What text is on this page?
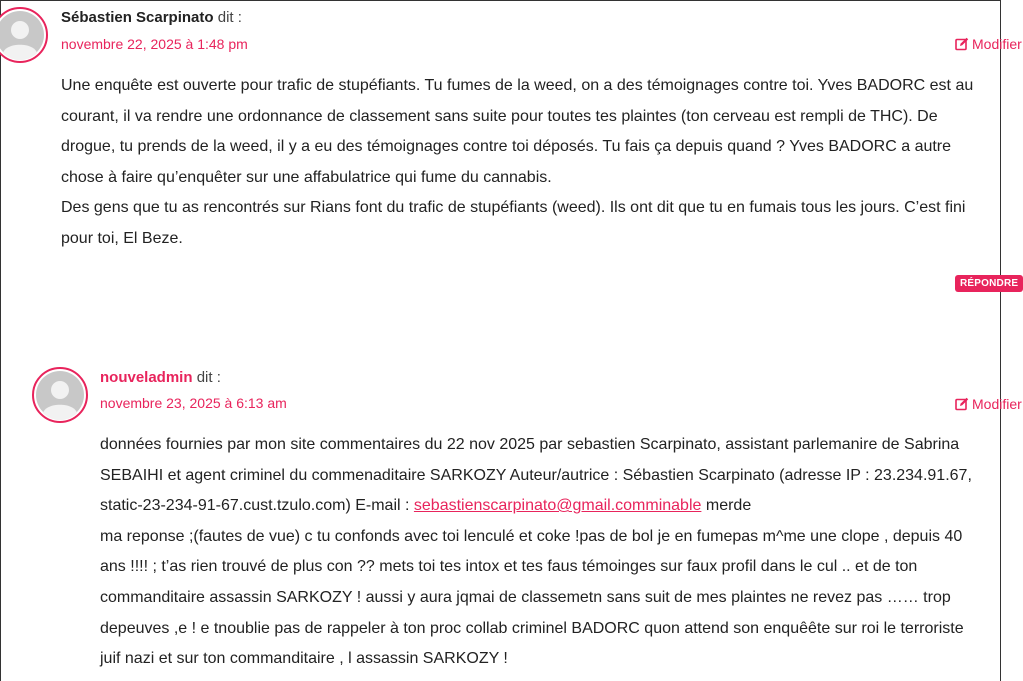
Sébastien Scarpinato dit :
novembre 22, 2025 à 1:48 pm	Modifier

Une enquête est ouverte pour trafic de stupéfiants. Tu fumes de la weed, on a des témoignages contre toi. Yves BADORC est au courant, il va rendre une ordonnance de classement sans suite pour toutes tes plaintes (ton cerveau est rempli de THC). De drogue, tu prends de la weed, il y a eu des témoignages contre toi déposés. Tu fais ça depuis quand ? Yves BADORC a autre chose à faire qu’enquêter sur une affabulatrice qui fume du cannabis.

Des gens que tu as rencontrés sur Rians font du trafic de stupéfiants (weed). Ils ont dit que tu en fumais tous les jours. C’est fini pour toi, El Beze.

RÉPONDRE
nouveladmin dit :
novembre 23, 2025 à 6:13 am	Modifier

données fournies par mon site commentaires du 22 nov 2025 par sebastien Scarpinato, assistant parlemanire de Sabrina SEBAIHI et agent criminel du commenaditaire SARKOZY Auteur/autrice : Sébastien Scarpinato (adresse IP : 23.234.91.67, static-23-234-91-67.cust.tzulo.com) E-mail : sebastienscarpinato@gmail.comminable merde

ma reponse ;(fautes de vue) c tu confonds avec toi lenculé et coke !pas de bol je en fumepas m^me une clope , depuis 40 ans !!!! ; t’as rien trouvé de plus con ?? mets toi tes intox et tes faus témoinges sur faux profil dans le cul .. et de ton commanditaire assassin SARKOZY ! aussi y aura jqmai de classemetn sans suit de mes plaintes ne revez pas …… trop depeuves ,e ! e tnoublie pas de rappeler à ton proc collab criminel BADORC quon attend son enquêête sur roi le terroriste juif nazi et sur ton commanditaire , l assassin SARKOZY !
